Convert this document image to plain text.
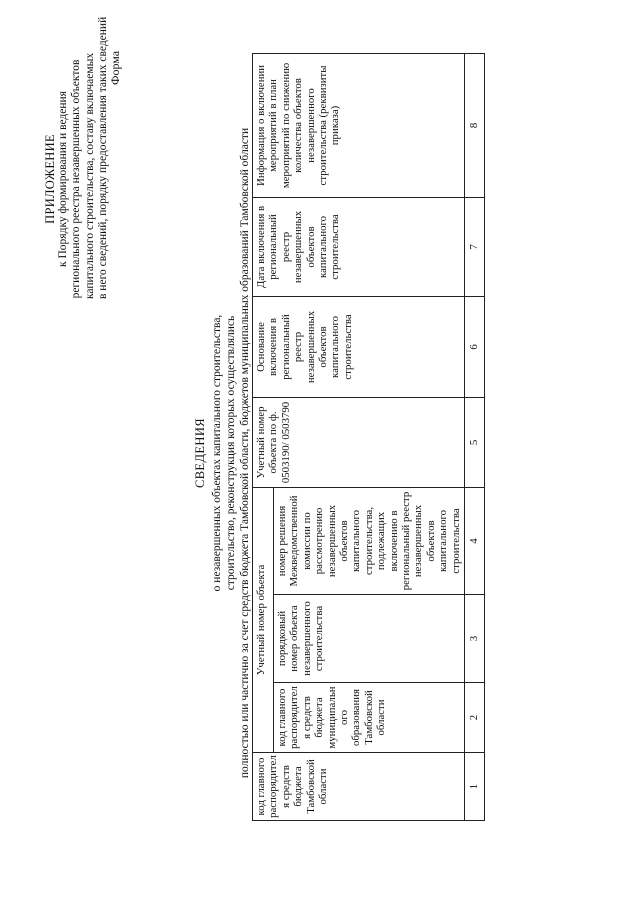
ПРИЛОЖЕНИЕ к Порядку формирования и ведения регионального реестра незавершенных объектов капитального строительства, составу включаемых в него сведений, порядку предоставления таких сведений Форма
СВЕДЕНИЯ о незавершенных объектах капитального строительства, строительство, реконструкция которых осуществлялись полностью или частично за счет средств бюджета Тамбовской области, бюджетов муниципальных образований Тамбовской области
код главного распорядителя средств бюджета Тамбовской области	Учетный номер объекта			Учетный номер объекта по ф. 0503190/ 0503790	Основание включения в региональный реестр незавершенных объектов капитального строительства	Дата включения в региональный реестр незавершенных объектов капитального строительства	Информация о включении мероприятий в план мероприятий по снижению количества объектов незавершенного строительства (реквизиты приказа)
	код главного распорядителя средств бюджета муниципального образования Тамбовской области	порядковый номер объекта незавершенного строительства	номер решения Межведомственной комиссии по рассмотрению незавершенных объектов капитального строительства, подлежащих включению в региональный реестр незавершенных объектов капитального строительства				
1	2	3	4	5	6	7	8
